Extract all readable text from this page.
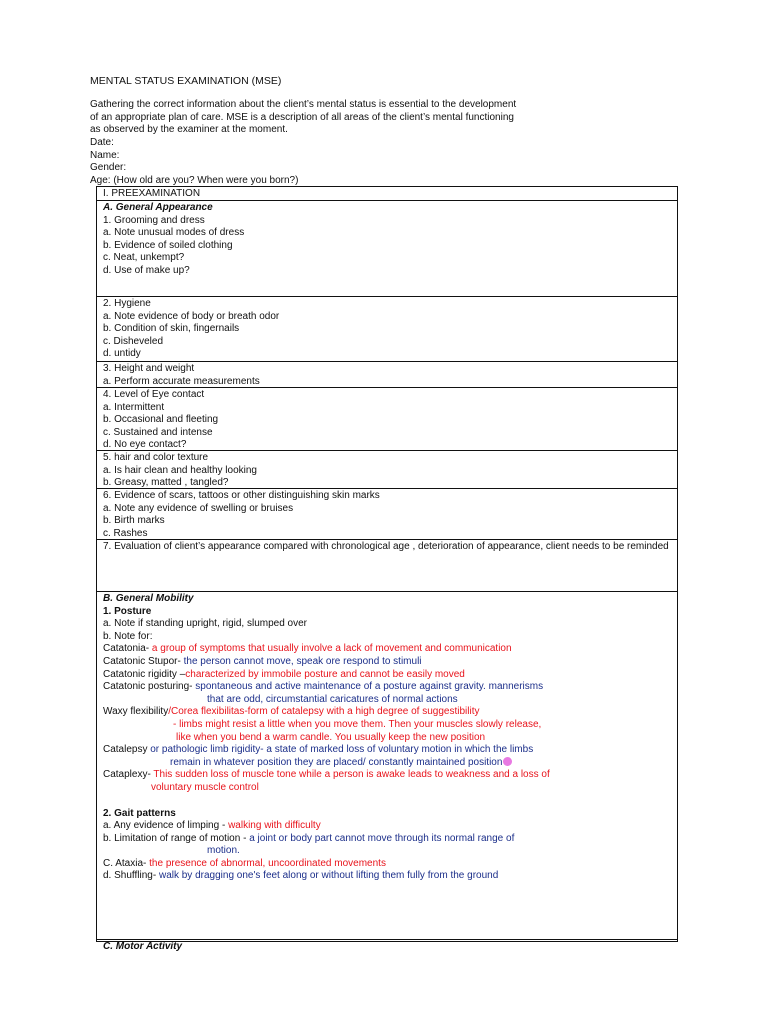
MENTAL STATUS EXAMINATION (MSE)
Gathering the correct information about the client’s mental status is essential to the development
of an appropriate plan of care. MSE is a description of all areas of the client’s mental functioning
as observed by the examiner at the moment.
Date:
Name:
Gender:
Age: (How old are you? When were you born?)
I. PREEXAMINATION
A. General Appearance
1. Grooming and dress
a. Note unusual modes of dress
b. Evidence of soiled clothing
c. Neat, unkempt?
d. Use of make up?
2. Hygiene
a. Note evidence of body or breath odor
b. Condition of skin, fingernails
c. Disheveled
d. untidy
3. Height and weight
a. Perform accurate measurements
4. Level of Eye contact
a. Intermittent
b. Occasional and fleeting
c. Sustained and intense
d. No eye contact?
5. hair and color texture
a. Is hair clean and healthy looking
b. Greasy, matted , tangled?
6. Evidence of scars, tattoos or other distinguishing skin marks
a. Note any evidence of swelling or bruises
b. Birth marks
c. Rashes
7. Evaluation of client’s appearance compared with chronological age , deterioration of appearance, client needs to be reminded
B. General Mobility
1. Posture
a. Note if standing upright, rigid, slumped over
b. Note for:
Catatonia- a group of symptoms that usually involve a lack of movement and communication
Catatonic Stupor- the person cannot move, speak ore respond to stimuli
Catatonic rigidity –characterized by immobile posture and cannot be easily moved
Catatonic posturing- spontaneous and active maintenance of a posture against gravity. mannerisms
that are odd, circumstantial caricatures of normal actions
Waxy flexibility/Corea flexibilitas-form of catalepsy with a high degree of suggestibility
- limbs might resist a little when you move them. Then your muscles slowly release,
like when you bend a warm candle. You usually keep the new position
Catalepsy or pathologic limb rigidity- a state of marked loss of voluntary motion in which the limbs
remain in whatever position they are placed/ constantly maintained position
Cataplexy- This sudden loss of muscle tone while a person is awake leads to weakness and a loss of
voluntary muscle control
2. Gait patterns
a. Any evidence of limping - walking with difficulty
b. Limitation of range of motion - a joint or body part cannot move through its normal range of
motion.
C. Ataxia- the presence of abnormal, uncoordinated movements
d. Shuffling- walk by dragging one's feet along or without lifting them fully from the ground
C. Motor Activity
